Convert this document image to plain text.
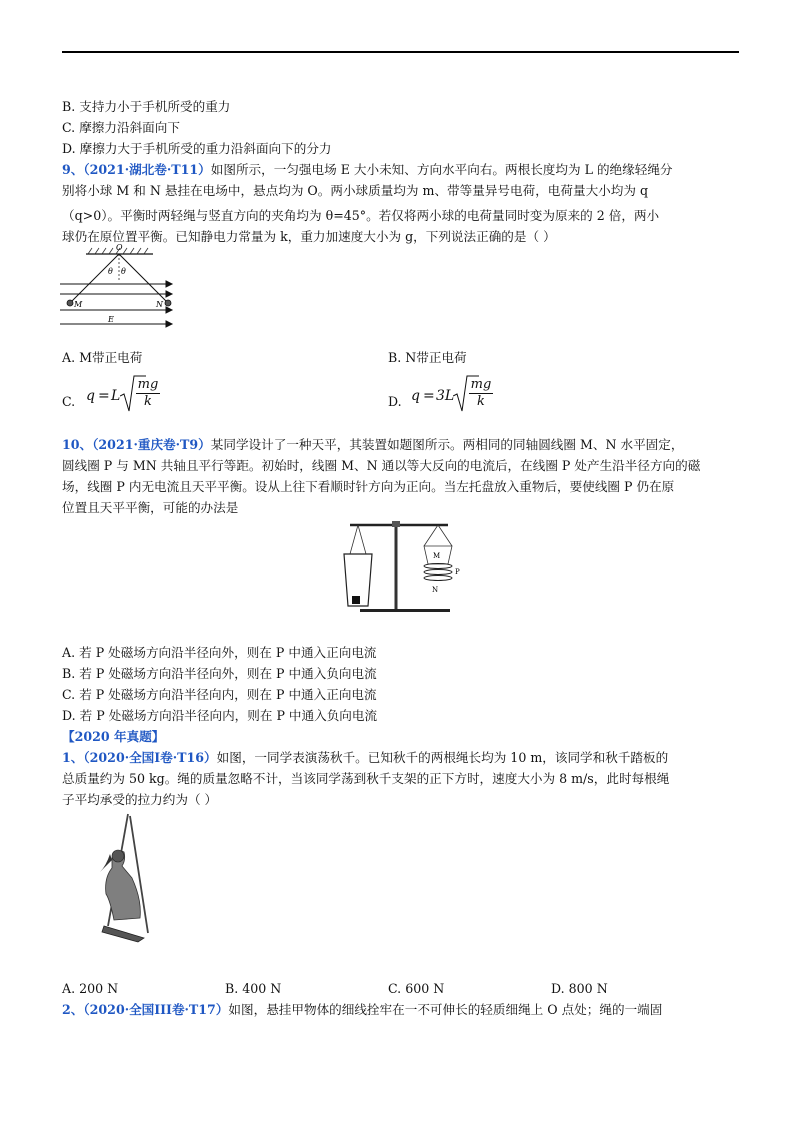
B. 支持力小于手机所受的重力
C. 摩擦力沿斜面向下
D. 摩擦力大于手机所受的重力沿斜面向下的分力
9、（2021·湖北卷·T11）如图所示，一匀强电场 E 大小未知、方向水平向右。两根长度均为 L 的绝缘轻绳分
别将小球 M 和 N 悬挂在电场中，悬点均为 O。两小球质量均为 m、带等量异号电荷，电荷量大小均为 q
（q>0）。平衡时两轻绳与竖直方向的夹角均为 θ=45°。若仅将两小球的电荷量同时变为原来的 2 倍，两小
球仍在原位置平衡。已知静电力常量为 k，重力加速度大小为 g，下列说法正确的是（ ）
O
θ θ
M	N
E
A. M带正电荷	B. N带正电荷
C. q = L $\frac{mg}{k}$	D. $q = 3L \frac{mg}{k}$
10、（2021·重庆卷·T9）某同学设计了一种天平，其装置如题图所示。两相同的同轴圆线圈 M、N 水平固定，
圆线圈 P 与 MN 共轴且平行等距。初始时，线圈 M、N 通以等大反向的电流后，在线圈 P 处产生沿半径方向的磁
场，线圈 P 内无电流且天平平衡。设从上往下看顺时针方向为正向。当左托盘放入重物后，要使线圈 P 仍在原
位置且天平平衡，可能的办法是
M
P
N
A. 若 P 处磁场方向沿半径向外，则在 P 中通入正向电流
B. 若 P 处磁场方向沿半径向外，则在 P 中通入负向电流
C. 若 P 处磁场方向沿半径向内，则在 P 中通入正向电流
D. 若 P 处磁场方向沿半径向内，则在 P 中通入负向电流
【2020 年真题】
1、（2020·全国I卷·T16）如图，一同学表演荡秋千。已知秋千的两根绳长均为 10 m，该同学和秋千踏板的
总质量约为 50 kg。绳的质量忽略不计，当该同学荡到秋千支架的正下方时，速度大小为 8 m/s，此时每根绳
子平均承受的拉力约为（ ）
A. 200 N	B. 400 N	C. 600 N	D. 800 N
2、（2020·全国III卷·T17）如图，悬挂甲物体的细线拴牢在一不可伸长的轻质细绳上 O 点处；绳的一端固
